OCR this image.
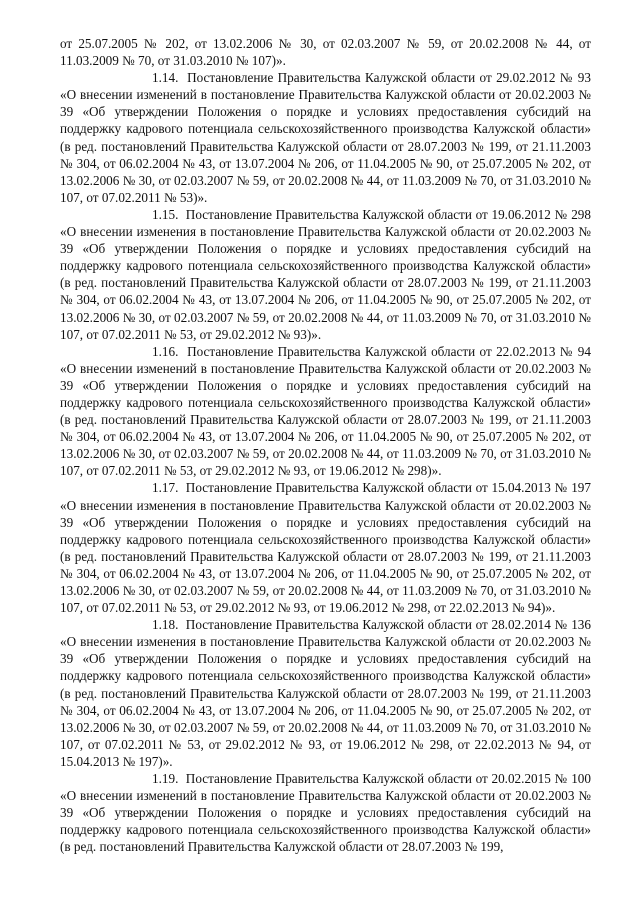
от 25.07.2005 № 202, от 13.02.2006 № 30, от 02.03.2007 № 59, от 20.02.2008 № 44, от 11.03.2009 № 70, от 31.03.2010 № 107)».

1.14. Постановление Правительства Калужской области от 29.02.2012 № 93 «О внесении изменений в постановление Правительства Калужской области от 20.02.2003 № 39 «Об утверждении Положения о порядке и условиях предоставления субсидий на поддержку кадрового потенциала сельскохозяйственного производства Калужской области» (в ред. постановлений Правительства Калужской области от 28.07.2003 № 199, от 21.11.2003 № 304, от 06.02.2004 № 43, от 13.07.2004 № 206, от 11.04.2005 № 90, от 25.07.2005 № 202, от 13.02.2006 № 30, от 02.03.2007 № 59, от 20.02.2008 № 44, от 11.03.2009 № 70, от 31.03.2010 № 107, от 07.02.2011 № 53)».

1.15. Постановление Правительства Калужской области от 19.06.2012 № 298 «О внесении изменения в постановление Правительства Калужской области от 20.02.2003 № 39 «Об утверждении Положения о порядке и условиях предоставления субсидий на поддержку кадрового потенциала сельскохозяйственного производства Калужской области» (в ред. постановлений Правительства Калужской области от 28.07.2003 № 199, от 21.11.2003 № 304, от 06.02.2004 № 43, от 13.07.2004 № 206, от 11.04.2005 № 90, от 25.07.2005 № 202, от 13.02.2006 № 30, от 02.03.2007 № 59, от 20.02.2008 № 44, от 11.03.2009 № 70, от 31.03.2010 № 107, от 07.02.2011 № 53, от 29.02.2012 № 93)».

1.16. Постановление Правительства Калужской области от 22.02.2013 № 94 «О внесении изменений в постановление Правительства Калужской области от 20.02.2003 № 39 «Об утверждении Положения о порядке и условиях предоставления субсидий на поддержку кадрового потенциала сельскохозяйственного производства Калужской области» (в ред. постановлений Правительства Калужской области от 28.07.2003 № 199, от 21.11.2003 № 304, от 06.02.2004 № 43, от 13.07.2004 № 206, от 11.04.2005 № 90, от 25.07.2005 № 202, от 13.02.2006 № 30, от 02.03.2007 № 59, от 20.02.2008 № 44, от 11.03.2009 № 70, от 31.03.2010 № 107, от 07.02.2011 № 53, от 29.02.2012 № 93, от 19.06.2012 № 298)».

1.17. Постановление Правительства Калужской области от 15.04.2013 № 197 «О внесении изменения в постановление Правительства Калужской области от 20.02.2003 № 39 «Об утверждении Положения о порядке и условиях предоставления субсидий на поддержку кадрового потенциала сельскохозяйственного производства Калужской области» (в ред. постановлений Правительства Калужской области от 28.07.2003 № 199, от 21.11.2003 № 304, от 06.02.2004 № 43, от 13.07.2004 № 206, от 11.04.2005 № 90, от 25.07.2005 № 202, от 13.02.2006 № 30, от 02.03.2007 № 59, от 20.02.2008 № 44, от 11.03.2009 № 70, от 31.03.2010 № 107, от 07.02.2011 № 53, от 29.02.2012 № 93, от 19.06.2012 № 298, от 22.02.2013 № 94)».

1.18. Постановление Правительства Калужской области от 28.02.2014 № 136 «О внесении изменения в постановление Правительства Калужской области от 20.02.2003 № 39 «Об утверждении Положения о порядке и условиях предоставления субсидий на поддержку кадрового потенциала сельскохозяйственного производства Калужской области» (в ред. постановлений Правительства Калужской области от 28.07.2003 № 199, от 21.11.2003 № 304, от 06.02.2004 № 43, от 13.07.2004 № 206, от 11.04.2005 № 90, от 25.07.2005 № 202, от 13.02.2006 № 30, от 02.03.2007 № 59, от 20.02.2008 № 44, от 11.03.2009 № 70, от 31.03.2010 № 107, от 07.02.2011 № 53, от 29.02.2012 № 93, от 19.06.2012 № 298, от 22.02.2013 № 94, от 15.04.2013 № 197)».

1.19. Постановление Правительства Калужской области от 20.02.2015 № 100 «О внесении изменений в постановление Правительства Калужской области от 20.02.2003 № 39 «Об утверждении Положения о порядке и условиях предоставления субсидий на поддержку кадрового потенциала сельскохозяйственного производства Калужской области» (в ред. постановлений Правительства Калужской области от 28.07.2003 № 199,
